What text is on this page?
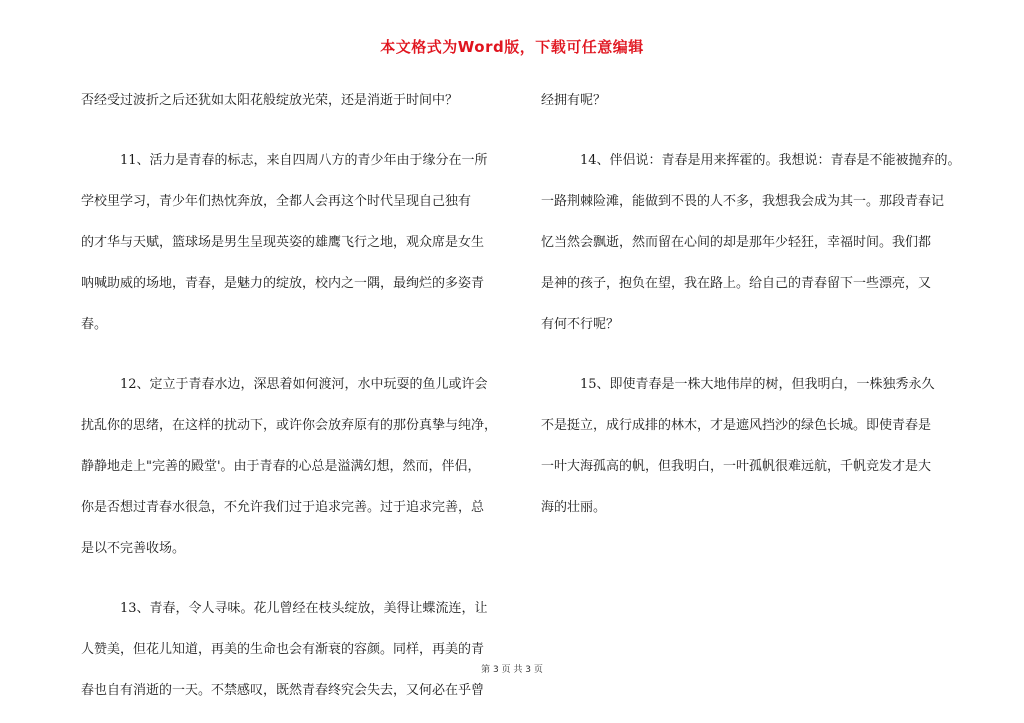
本文格式为Word版，下载可任意编辑
否经受过波折之后还犹如太阳花般绽放光荣，还是消逝于时间中？
11、活力是青春的标志，来自四周八方的青少年由于缘分在一所
学校里学习，青少年们热忱奔放，全都人会再这个时代呈现自己独有
的才华与天赋，篮球场是男生呈现英姿的雄鹰飞行之地，观众席是女生
呐喊助威的场地，青春，是魅力的绽放，校内之一隅，最绚烂的多姿青
春。
12、定立于青春水边，深思着如何渡河，水中玩耍的鱼儿或许会
扰乱你的思绪，在这样的扰动下，或许你会放弃原有的那份真挚与纯净，
静静地走上"完善的殿堂'。由于青春的心总是溢满幻想，然而，伴侣，
你是否想过青春水很急，不允许我们过于追求完善。过于追求完善，总
是以不完善收场。
13、青春，令人寻味。花儿曾经在枝头绽放，美得让蝶流连，让
人赞美，但花儿知道，再美的生命也会有渐衰的容颜。同样，再美的青
春也自有消逝的一天。不禁感叹，既然青春终究会失去，又何必在乎曾
经拥有呢？
14、伴侣说：青春是用来挥霍的。我想说：青春是不能被抛弃的。
一路荆棘险滩，能做到不畏的人不多，我想我会成为其一。那段青春记
忆当然会飘逝，然而留在心间的却是那年少轻狂，幸福时间。我们都
是神的孩子，抱负在望，我在路上。给自己的青春留下一些漂亮，又
有何不行呢？
15、即使青春是一株大地伟岸的树，但我明白，一株独秀永久
不是挺立，成行成排的林木，才是遮风挡沙的绿色长城。即使青春是
一叶大海孤高的帆，但我明白，一叶孤帆很难远航，千帆竞发才是大
海的壮丽。
第 3 页 共 3 页
